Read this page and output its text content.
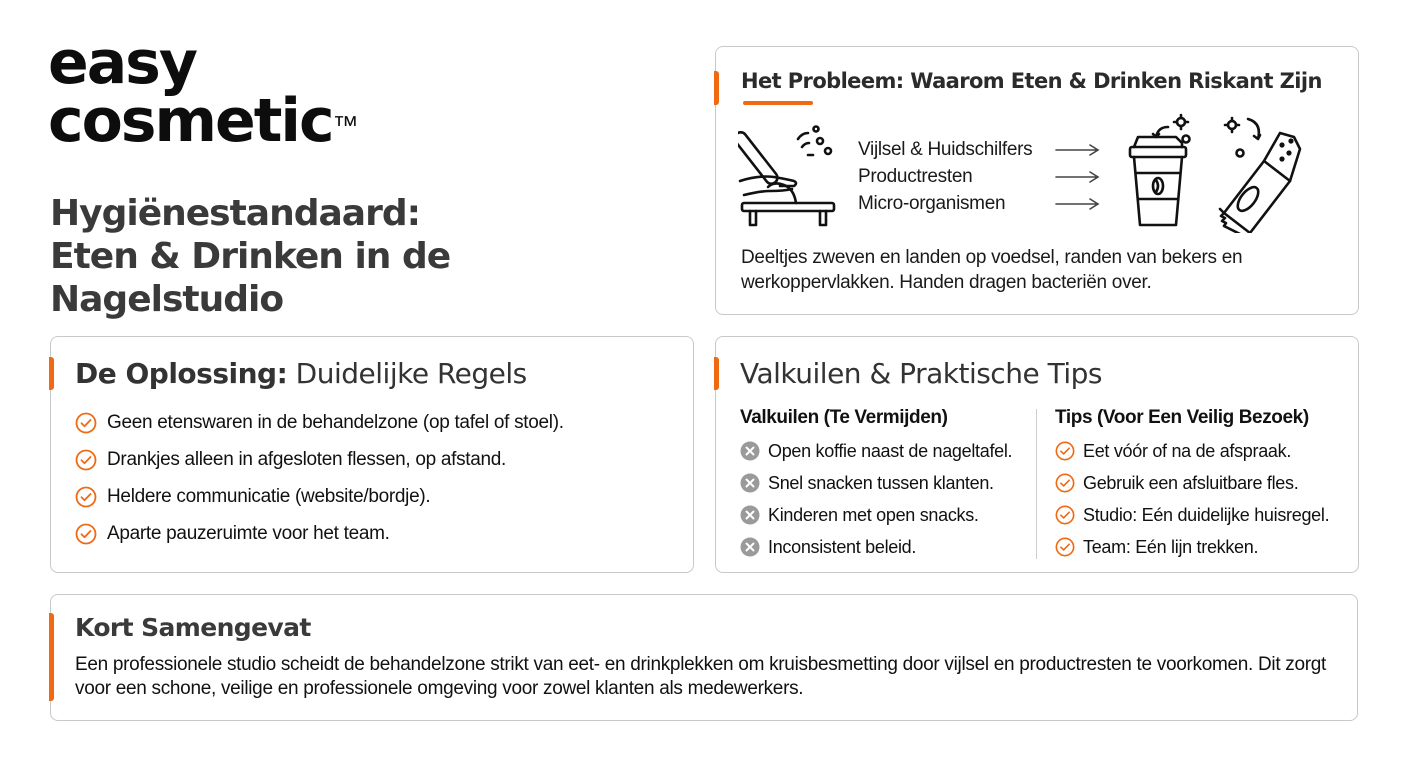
easy
cosmetic™
Hygiënestandaard: Eten & Drinken in de Nagelstudio
Het Probleem: Waarom Eten & Drinken Riskant Zijn
Vijlsel & Huidschilfers
Productresten
Micro-organismen

Deeltjes zweven en landen op voedsel, randen van bekers en werkoppervlakken. Handen dragen bacteriën over.

De Oplossing: Duidelijke Regels
Geen etenswaren in de behandelzone (op tafel of stoel).
Drankjes alleen in afgesloten flessen, op afstand.
Heldere communicatie (website/bordje).
Aparte pauzeruimte voor het team.
Valkuilen & Praktische Tips
Valkuilen (Te Vermijden)
Open koffie naast de nageltafel.
Snel snacken tussen klanten.
Kinderen met open snacks.
Inconsistent beleid.
Tips (Voor Een Veilig Bezoek)
Eet vóór of na de afspraak.
Gebruik een afsluitbare fles.
Studio: Eén duidelijke huisregel.
Team: Eén lijn trekken.
Kort Samengevat

Een professionele studio scheidt de behandelzone strikt van eet- en drinkplekken om kruisbesmetting door vijlsel en productresten te voorkomen. Dit zorgt voor een schone, veilige en professionele omgeving voor zowel klanten als medewerkers.
